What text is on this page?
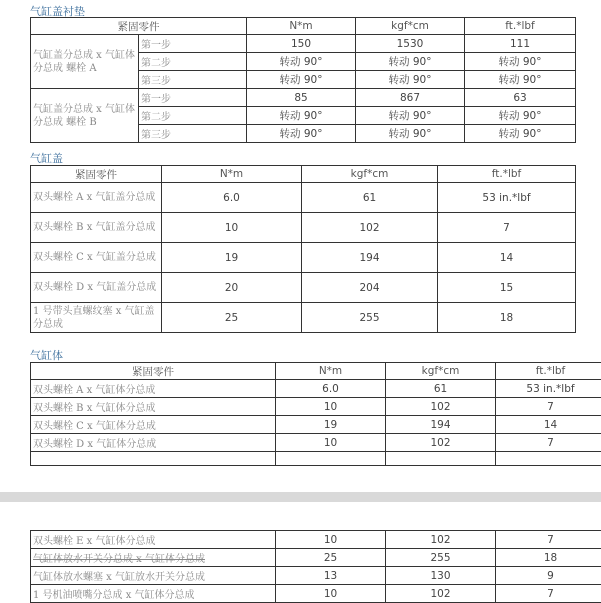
气缸盖衬垫
紧固零件		N*m	kgf*cm	ft.*lbf
气缸盖分总成 x 气缸体分总成 螺栓 A	第一步	150	1530	111
	第二步	转动 90°	转动 90°	转动 90°
	第三步	转动 90°	转动 90°	转动 90°
气缸盖分总成 x 气缸体分总成 螺栓 B	第一步	85	867	63
	第二步	转动 90°	转动 90°	转动 90°
	第三步	转动 90°	转动 90°	转动 90°
气缸盖
紧固零件	N*m	kgf*cm	ft.*lbf
双头螺栓 A x 气缸盖分总成	6.0	61	53 in.*lbf
双头螺栓 B x 气缸盖分总成	10	102	7
双头螺栓 C x 气缸盖分总成	19	194	14
双头螺栓 D x 气缸盖分总成	20	204	15
1 号带头直螺纹塞 x 气缸盖分总成	25	255	18
气缸体
紧固零件	N*m	kgf*cm	ft.*lbf
双头螺栓 A x 气缸体分总成	6.0	61	53 in.*lbf
双头螺栓 B x 气缸体分总成	10	102	7
双头螺栓 C x 气缸体分总成	19	194	14
双头螺栓 D x 气缸体分总成	10	102	7

双头螺栓 E x 气缸体分总成	10	102	7
气缸体放水开关分总成 x 气缸体分总成	25	255	18
气缸体放水螺塞 x 气缸放水开关分总成	13	130	9
1 号机油喷嘴分总成 x 气缸体分总成	10	102	7
